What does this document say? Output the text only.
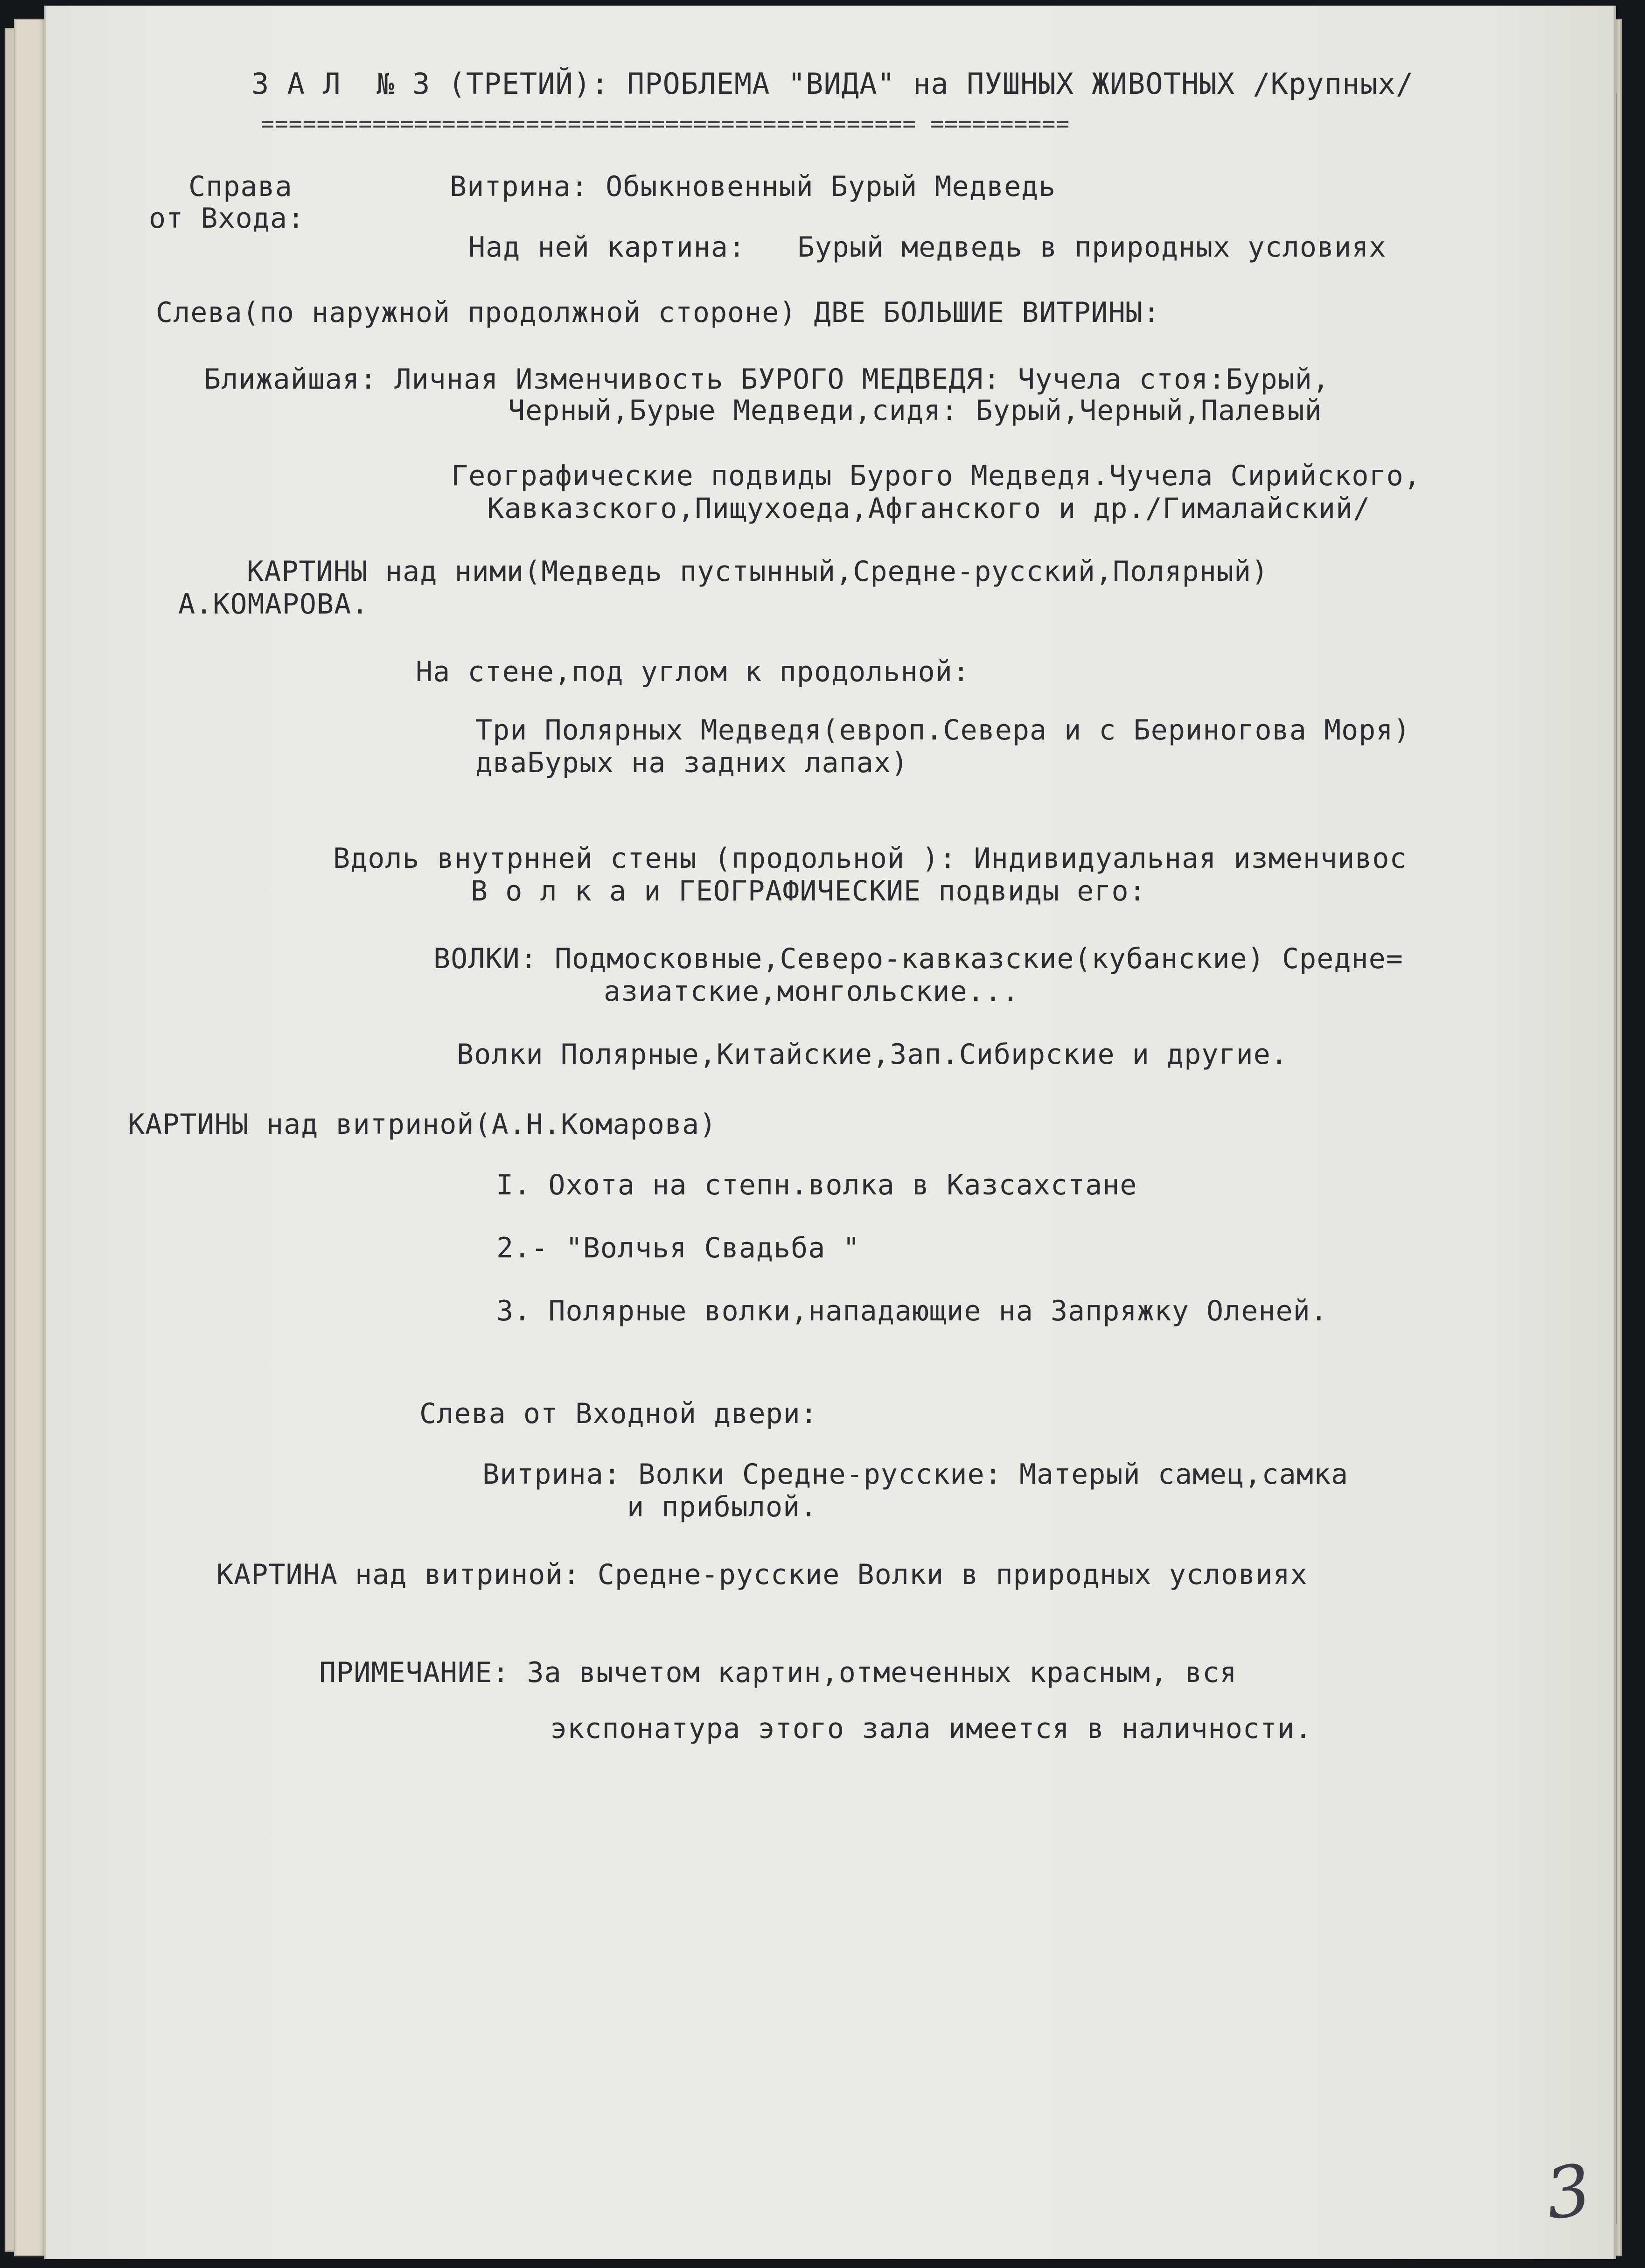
З А Л  № 3 (ТРЕТИЙ): ПРОБЛЕМА "ВИДА" на ПУШНЫХ ЖИВОТНЫХ /Крупных/

=============================================== ==========

Справа

от Входа:

Витрина: Обыкновенный Бурый Медведь

Над ней картина:   Бурый медведь в природных условиях

Слева(по наружной продолжной стороне) ДВЕ БОЛЬШИЕ ВИТРИНЫ:

Ближайшая: Личная Изменчивость БУРОГО МЕДВЕДЯ: Чучела стоя:Бурый,

Черный,Бурые Медведи,сидя: Бурый,Черный,Палевый

Географические подвиды Бурого Медведя.Чучела Сирийского,

Кавказского,Пищухоеда,Афганского и др./Гималайский/

КАРТИНЫ над ними(Медведь пустынный,Средне-русский,Полярный)

А.КОМАРОВА.

На стене,под углом к продольной:

Три Полярных Медведя(европ.Севера и с Бериногова Моря)

дваБурых на задних лапах)

Вдоль внутрнней стены (продольной ): Индивидуальная изменчивос

В о л к а и ГЕОГРАФИЧЕСКИЕ подвиды его:

ВОЛКИ: Подмосковные,Северо-кавказские(кубанские) Средне=

азиатские,монгольские...

Волки Полярные,Китайские,Зап.Сибирские и другие.

КАРТИНЫ над витриной(А.Н.Комарова)

I. Охота на степн.волка в Казсахстане

2.- "Волчья Свадьба "

3. Полярные волки,нападающие на Запряжку Оленей.

Слева от Входной двери:

Витрина: Волки Средне-русские: Матерый самец,самка

и прибылой.

КАРТИНА над витриной: Средне-русские Волки в природных условиях

ПРИМЕЧАНИЕ: За вычетом картин,отмеченных красным, вся

экспонатура этого зала имеется в наличности.

3
